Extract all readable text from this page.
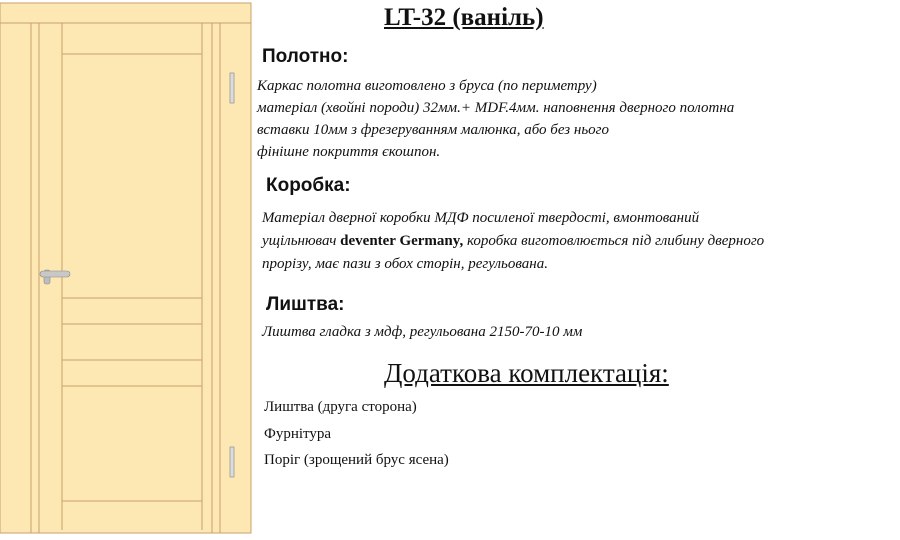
LT-32 (ваніль)
Полотно:
Каркас полотна виготовлено з бруса (по периметру)
матеріал (хвойні породи) 32мм.+ MDF.4мм. наповнення дверного полотна
вставки 10мм з фрезеруванням малюнка, або без нього
фінішне покриття єкошпон.
Коробка:
Матеріал дверної коробки МДФ посиленої твердості, вмонтований
ущільнювач deventer Germany, коробка виготовлюється під глибину дверного
прорізу, має пази з обох сторін, регульована.
Лиштва:
Лиштва гладка з мдф, регульована 2150-70-10 мм
Додаткова комплектація:
Лиштва (друга сторона)
Фурнітура
Поріг (зрощений брус ясена)
